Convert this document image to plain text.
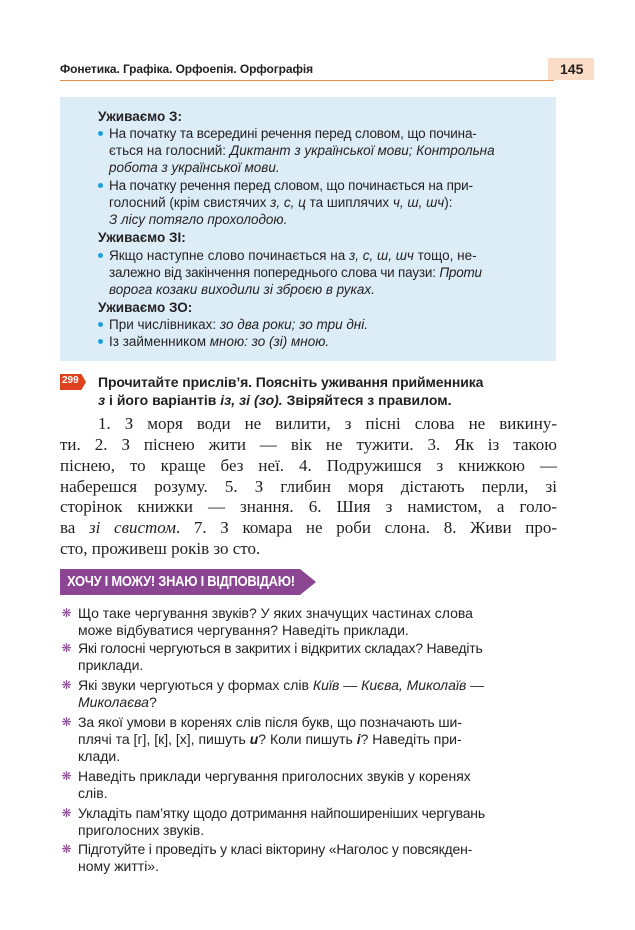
Фонетика. Графіка. Орфоепія. Орфографія	145
Уживаємо З:
На початку та всередині речення перед словом, що почина-
ється на голосний: Диктант з української мови; Контрольна
робота з української мови.
На початку речення перед словом, що починається на при-
голосний (крім свистячих з, с, ц та шиплячих ч, ш, шч):
З лісу потягло прохолодою.
Уживаємо ЗІ:
Якщо наступне слово починається на з, с, ш, шч тощо, не-
залежно від закінчення попереднього слова чи паузи: Проти
ворога козаки виходили зі зброєю в руках.
Уживаємо ЗО:
При числівниках: зо два роки; зо три дні.
Із займенником мною: зо (зі) мною.
299 Прочитайте прислів’я. Поясніть уживання прийменника
з і його варіантів із, зі (зо). Звіряйтеся з правилом.
1. З моря води не вилити, з пісні слова не викину-
ти. 2. З піснею жити — вік не тужити. 3. Як із такою
піснею, то краще без неї. 4. Подружишся з книжкою —
наберешся розуму. 5. З глибин моря дістають перли, зі
сторінок книжки — знання. 6. Шия з намистом, а голо-
ва зі свистом. 7. З комара не роби слона. 8. Живи про-
сто, проживеш років зо сто.
ХОЧУ І МОЖУ! ЗНАЮ І ВІДПОВІДАЮ!
❋ Що таке чергування звуків? У яких значущих частинах слова
може відбуватися чергування? Наведіть приклади.
❋ Які голосні чергуються в закритих і відкритих складах? Наведіть
приклади.
❋ Які звуки чергуються у формах слів Київ — Києва, Миколаїв —
Миколаєва?
❋ За якої умови в коренях слів після букв, що позначають ши-
плячі та [г], [к], [х], пишуть и? Коли пишуть і? Наведіть при-
клади.
❋ Наведіть приклади чергування приголосних звуків у коренях
слів.
❋ Укладіть пам’ятку щодо дотримання найпоширеніших чергувань
приголосних звуків.
❋ Підготуйте і проведіть у класі вікторину «Наголос у повсякден-
ному житті».
